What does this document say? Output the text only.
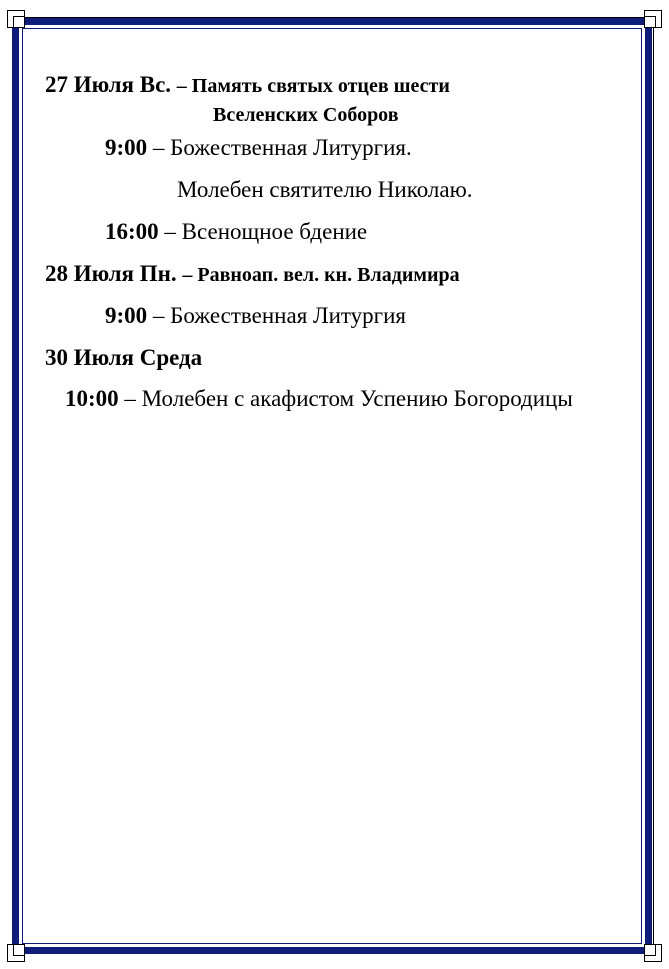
27 Июля Вс. – Память святых отцев шести
Вселенских Соборов
9:00 – Божественная Литургия.
Молебен святителю Николаю.
16:00 – Всенощное бдение
28 Июля Пн. – Равноап. вел. кн. Владимира
9:00 – Божественная Литургия
30 Июля Среда
10:00 – Молебен с акафистом Успению Богородицы
